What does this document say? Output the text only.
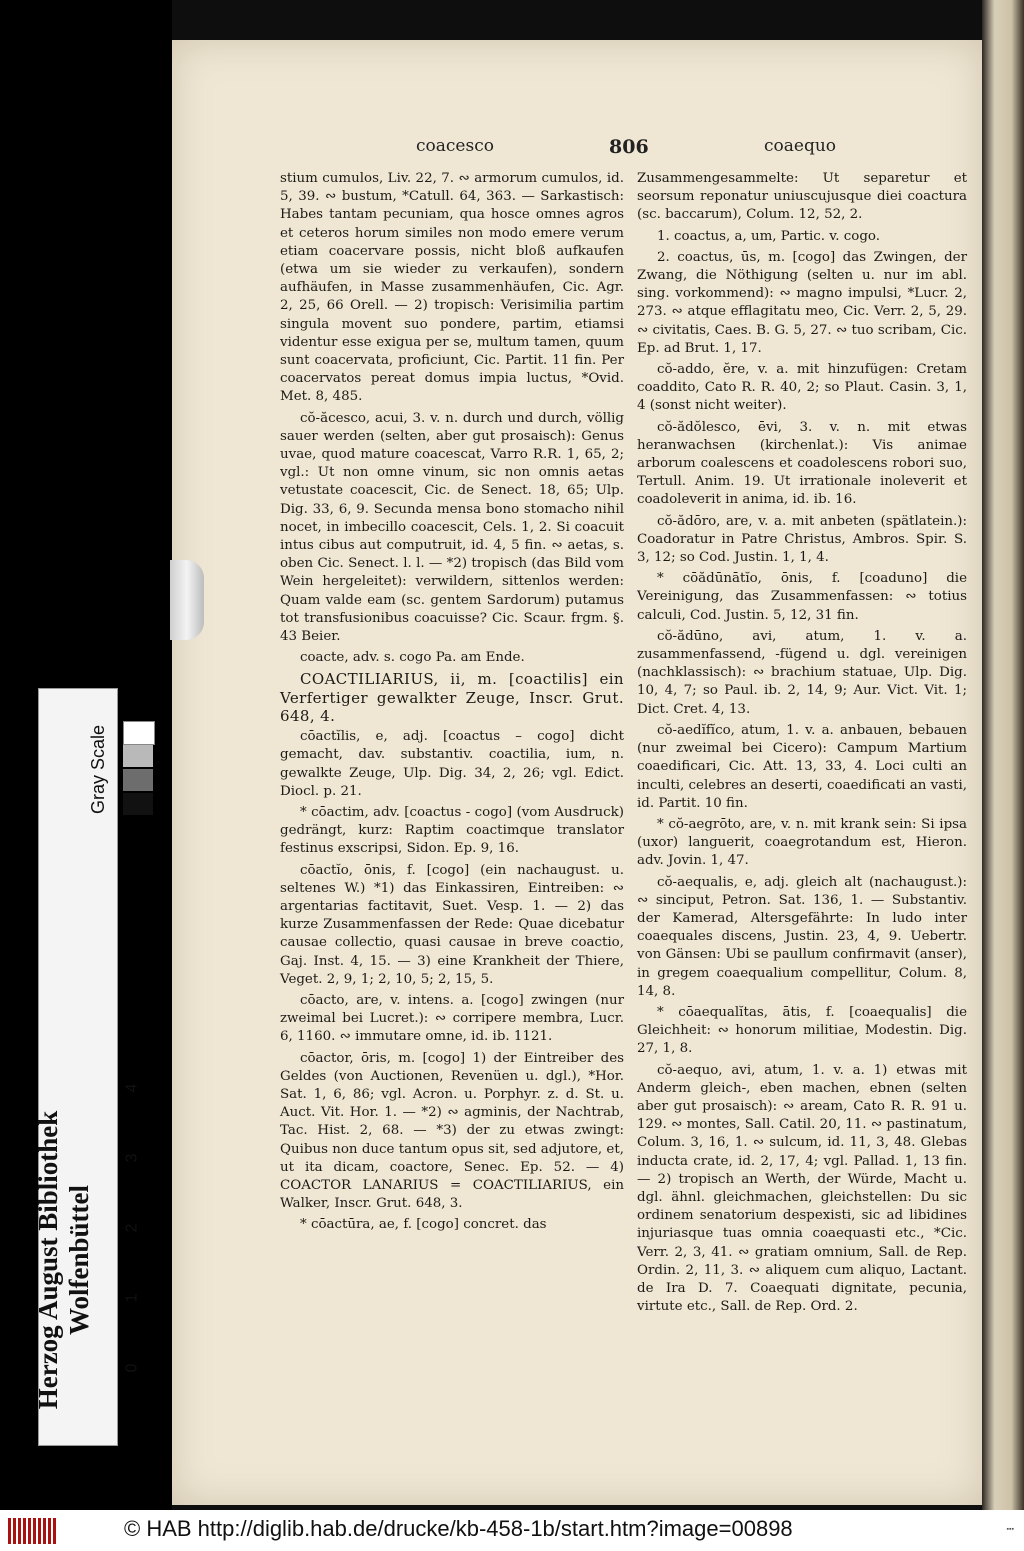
coacesco	806	coaequo

stium cumulos, Liv. 22, 7. ∾ armorum cumulos, id. 5, 39. ∾ bustum, *Catull. 64, 363. — Sarkastisch: Habes tantam pecuniam, qua hosce omnes agros et ceteros horum similes non modo emere verum etiam coacervare possis, nicht bloß aufkaufen (etwa um sie wieder zu verkaufen), sondern aufhäufen, in Masse zusammenhäufen, Cic. Agr. 2, 25, 66 Orell. — 2) tropisch: Verisimilia partim singula movent suo pondere, partim, etiamsi videntur esse exigua per se, multum tamen, quum sunt coacervata, proficiunt, Cic. Partit. 11 fin. Per coacervatos pereat domus impia luctus, *Ovid. Met. 8, 485.

cŏ-ăcesco, acui, 3. v. n. durch und durch, völlig sauer werden (selten, aber gut prosaisch): Genus uvae, quod mature coacescat, Varro R.R. 1, 65, 2; vgl.: Ut non omne vinum, sic non omnis aetas vetustate coacescit, Cic. de Senect. 18, 65; Ulp. Dig. 33, 6, 9. Secunda mensa bono stomacho nihil nocet, in imbecillo coacescit, Cels. 1, 2. Si coacuit intus cibus aut computruit, id. 4, 5 fin. ∾ aetas, s. oben Cic. Senect. l. l. — *2) tropisch (das Bild vom Wein hergeleitet): verwildern, sittenlos werden: Quam valde eam (sc. gentem Sardorum) putamus tot transfusionibus coacuisse? Cic. Scaur. frgm. §. 43 Beier.

coacte, adv. s. cogo Pa. am Ende.

COACTILIARIUS, ii, m. [coactilis] ein Verfertiger gewalkter Zeuge, Inscr. Grut. 648, 4.

cōactĭlis, e, adj. [coactus – cogo] dicht gemacht, dav. substantiv. coactilia, ium, n. gewalkte Zeuge, Ulp. Dig. 34, 2, 26; vgl. Edict. Diocl. p. 21.

* cōactim, adv. [coactus - cogo] (vom Ausdruck) gedrängt, kurz: Raptim coactimque translator festinus exscripsi, Sidon. Ep. 9, 16.

cōactĭo, ōnis, f. [cogo] (ein nachaugust. u. seltenes W.) *1) das Einkassiren, Eintreiben: ∾ argentarias factitavit, Suet. Vesp. 1. — 2) das kurze Zusammenfassen der Rede: Quae dicebatur causae collectio, quasi causae in breve coactio, Gaj. Inst. 4, 15. — 3) eine Krankheit der Thiere, Veget. 2, 9, 1; 2, 10, 5; 2, 15, 5.

cōacto, are, v. intens. a. [cogo] zwingen (nur zweimal bei Lucret.): ∾ corripere membra, Lucr. 6, 1160. ∾ immutare omne, id. ib. 1121.

cōactor, ōris, m. [cogo] 1) der Eintreiber des Geldes (von Auctionen, Revenüen u. dgl.), *Hor. Sat. 1, 6, 86; vgl. Acron. u. Porphyr. z. d. St. u. Auct. Vit. Hor. 1. — *2) ∾ agminis, der Nachtrab, Tac. Hist. 2, 68. — *3) der zu etwas zwingt: Quibus non duce tantum opus sit, sed adjutore, et, ut ita dicam, coactore, Senec. Ep. 52. — 4) COACTOR LANARIUS = COACTILIARIUS, ein Walker, Inscr. Grut. 648, 3.

* cōactūra, ae, f. [cogo] concret. das

Zusammengesammelte: Ut separetur et seorsum reponatur uniuscujusque diei coactura (sc. baccarum), Colum. 12, 52, 2.

1. coactus, a, um, Partic. v. cogo.

2. coactus, ūs, m. [cogo] das Zwingen, der Zwang, die Nöthigung (selten u. nur im abl. sing. vorkommend): ∾ magno impulsi, *Lucr. 2, 273. ∾ atque efflagitatu meo, Cic. Verr. 2, 5, 29. ∾ civitatis, Caes. B. G. 5, 27. ∾ tuo scribam, Cic. Ep. ad Brut. 1, 17.

cŏ-addo, ĕre, v. a. mit hinzufügen: Cretam coaddito, Cato R. R. 40, 2; so Plaut. Casin. 3, 1, 4 (sonst nicht weiter).

cŏ-ădŏlesco, ēvi, 3. v. n. mit etwas heranwachsen (kirchenlat.): Vis animae arborum coalescens et coadolescens robori suo, Tertull. Anim. 19. Ut irrationale inoleverit et coadoleverit in anima, id. ib. 16.

cŏ-ădōro, are, v. a. mit anbeten (spätlatein.): Coadoratur in Patre Christus, Ambros. Spir. S. 3, 12; so Cod. Justin. 1, 1, 4.

* cōădūnātĭo, ōnis, f. [coaduno] die Vereinigung, das Zusammenfassen: ∾ totius calculi, Cod. Justin. 5, 12, 31 fin.

cŏ-ădūno, avi, atum, 1. v. a. zusammenfassend, -fügend u. dgl. vereinigen (nachklassisch): ∾ brachium statuae, Ulp. Dig. 10, 4, 7; so Paul. ib. 2, 14, 9; Aur. Vict. Vit. 1; Dict. Cret. 4, 13.

cŏ-aedĭfĭco, atum, 1. v. a. anbauen, bebauen (nur zweimal bei Cicero): Campum Martium coaedificari, Cic. Att. 13, 33, 4. Loci culti an inculti, celebres an deserti, coaedificati an vasti, id. Partit. 10 fin.

* cŏ-aegrōto, are, v. n. mit krank sein: Si ipsa (uxor) languerit, coaegrotandum est, Hieron. adv. Jovin. 1, 47.

cŏ-aequalis, e, adj. gleich alt (nachaugust.): ∾ sinciput, Petron. Sat. 136, 1. — Substantiv. der Kamerad, Altersgefährte: In ludo inter coaequales discens, Justin. 23, 4, 9. Uebertr. von Gänsen: Ubi se paullum confirmavit (anser), in gregem coaequalium compellitur, Colum. 8, 14, 8.

* cōaequalĭtas, ātis, f. [coaequalis] die Gleichheit: ∾ honorum militiae, Modestin. Dig. 27, 1, 8.

cŏ-aequo, avi, atum, 1. v. a. 1) etwas mit Anderm gleich-, eben machen, ebnen (selten aber gut prosaisch): ∾ aream, Cato R. R. 91 u. 129. ∾ montes, Sall. Catil. 20, 11. ∾ pastinatum, Colum. 3, 16, 1. ∾ sulcum, id. 11, 3, 48. Glebas inducta crate, id. 2, 17, 4; vgl. Pallad. 1, 13 fin. — 2) tropisch an Werth, der Würde, Macht u. dgl. ähnl. gleichmachen, gleichstellen: Du sic ordinem senatorium despexisti, sic ad libidines injuriasque tuas omnia coaequasti etc., *Cic. Verr. 2, 3, 41. ∾ gratiam omnium, Sall. de Rep. Ordin. 2, 11, 3. ∾ aliquem cum aliquo, Lactant. de Ira D. 7. Coaequati dignitate, pecunia, virtute etc., Sall. de Rep. Ord. 2.

Herzog August Bibliothek Wolfenbüttel
Gray Scale
4
3
2
1
0
© HAB http://diglib.hab.de/drucke/kb-458-1b/start.htm?image=00898	▪▪▪
